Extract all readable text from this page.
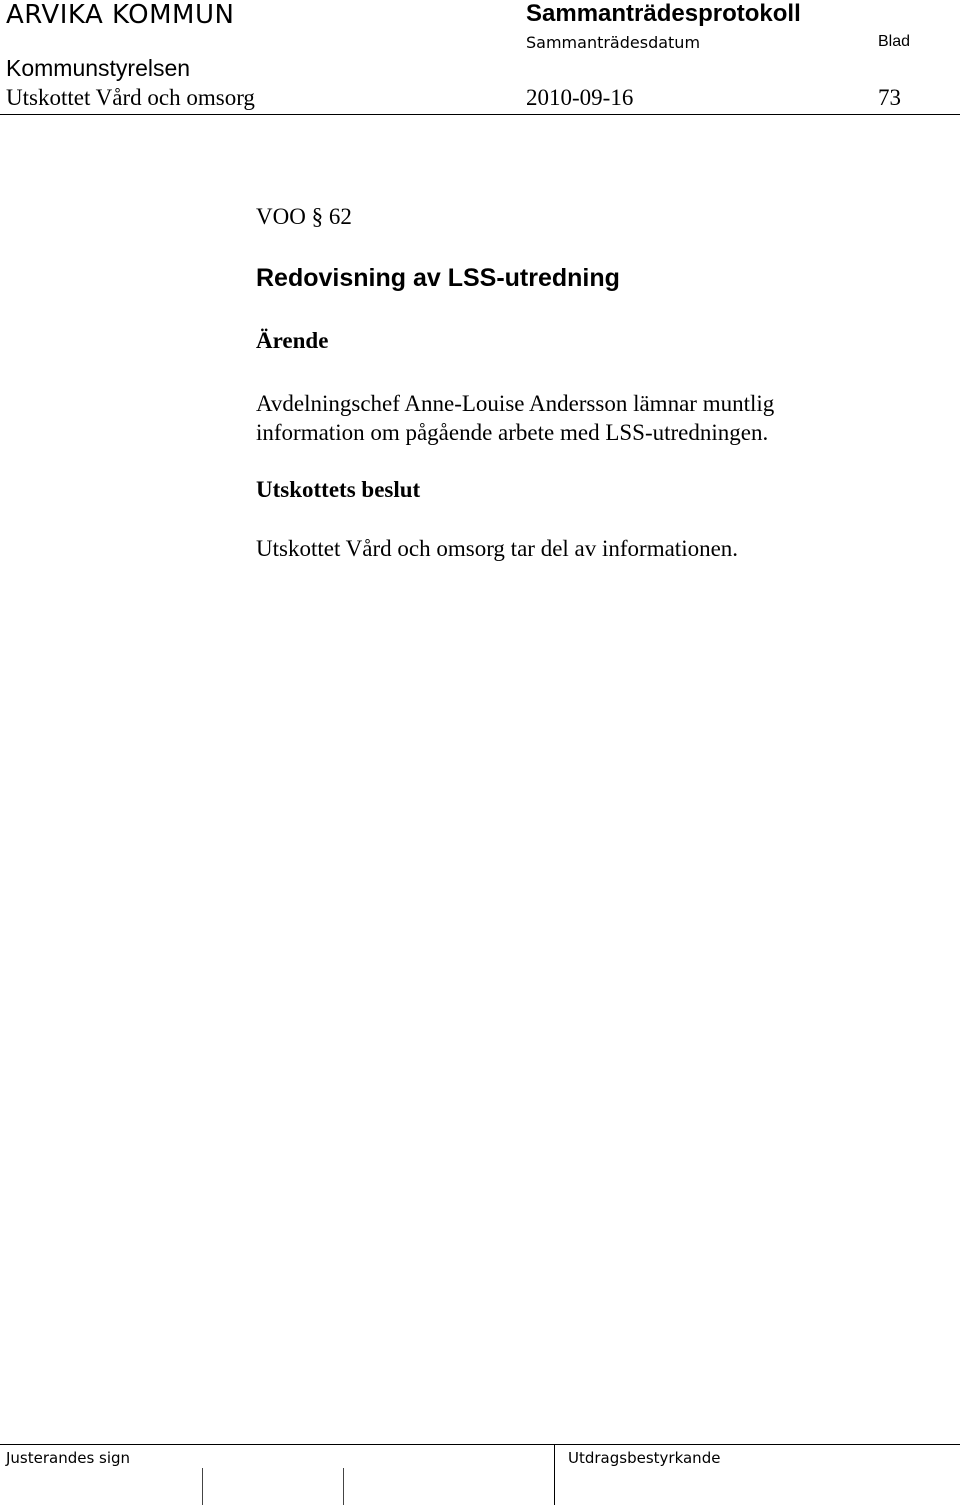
ARVIKA KOMMUN	Sammanträdesprotokoll
Sammanträdesdatum	Blad
Kommunstyrelsen
Utskottet Vård och omsorg	2010-09-16	73
VOO § 62
Redovisning av LSS-utredning
Ärende
Avdelningschef Anne-Louise Andersson lämnar muntlig
information om pågående arbete med LSS-utredningen.
Utskottets beslut
Utskottet Vård och omsorg tar del av informationen.
Justerandes sign	Utdragsbestyrkande
